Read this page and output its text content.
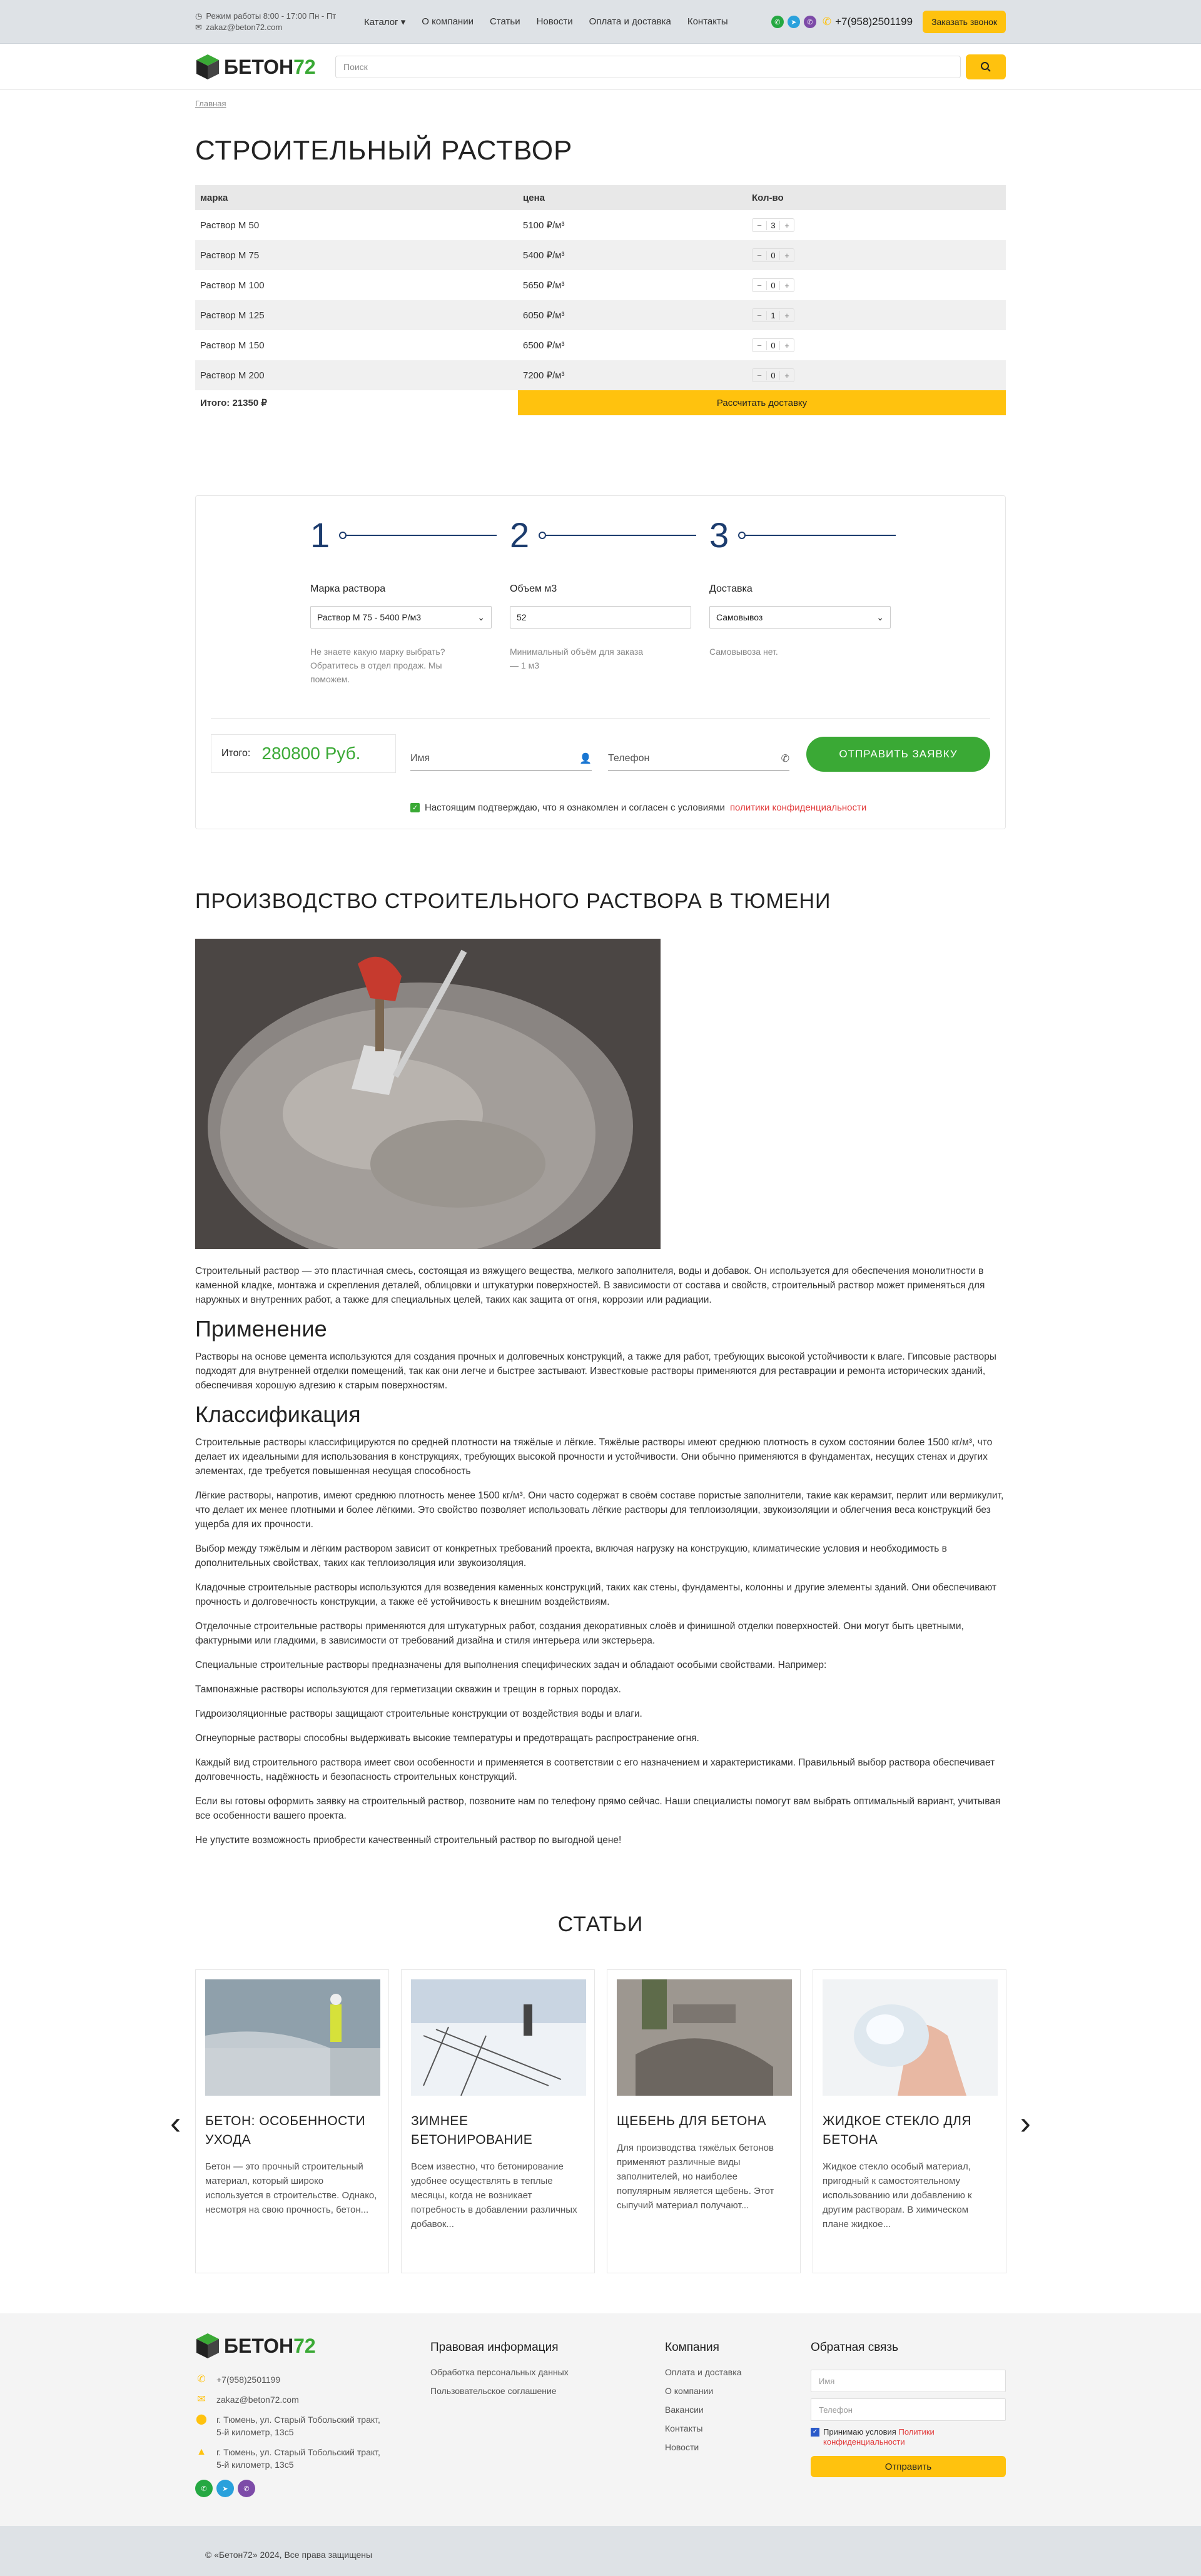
◷ Режим работы 8:00 - 17:00 Пн - Пт
✉ zakaz@beton72.com	Каталог ▾ О компании Статьи Новости Оплата и доставка Контакты	✆	➤	✆ ✆ +7(958)2501199	Заказать звонок
БЕТОН 72	Поиск
Главная
СТРОИТЕЛЬНЫЙ РАСТВОР
марка	цена	Кол-во
Раствор М 50	5100 ₽/м³	− 3 +

Раствор М 75	5400 ₽/м³	− 0 +

Раствор М 100	5650 ₽/м³	− 0 +

Раствор М 125	6050 ₽/м³	− 1 +

Раствор М 150	6500 ₽/м³	− 0 +

Раствор М 200	7200 ₽/м³	− 0 +
Итого: 21350 ₽	Рассчитать доставку
1	2	3
Марка раствора
Раствор М 75 - 5400 Р/м3	⌄
Не знаете какую марку выбрать? Обратитесь в отдел продаж. Мы поможем.
Объем м3
52
Минимальный объём для заказа — 1 м3
Доставка
Самовывоз	⌄
Самовывоза нет.
Итого: 280800 Руб.	Имя	👤 Телефон	✆	ОТПРАВИТЬ ЗАЯВКУ
✓ Настоящим подтверждаю, что я ознакомлен и согласен с условиями политики конфиденциальности
ПРОИЗВОДСТВО СТРОИТЕЛЬНОГО РАСТВОРА В ТЮМЕНИ

Строительный раствор — это пластичная смесь, состоящая из вяжущего вещества, мелкого заполнителя, воды и добавок. Он используется для обеспечения монолитности в каменной кладке, монтажа и скрепления деталей, облицовки и штукатурки поверхностей. В зависимости от состава и свойств, строительный раствор может применяться для наружных и внутренних работ, а также для специальных целей, таких как защита от огня, коррозии или радиации.

Применение

Растворы на основе цемента используются для создания прочных и долговечных конструкций, а также для работ, требующих высокой устойчивости к влаге. Гипсовые растворы подходят для внутренней отделки помещений, так как они легче и быстрее застывают. Известковые растворы применяются для реставрации и ремонта исторических зданий, обеспечивая хорошую адгезию к старым поверхностям.

Классификация

Строительные растворы классифицируются по средней плотности на тяжёлые и лёгкие. Тяжёлые растворы имеют среднюю плотность в сухом состоянии более 1500 кг/м³, что делает их идеальными для использования в конструкциях, требующих высокой прочности и устойчивости. Они обычно применяются в фундаментах, несущих стенах и других элементах, где требуется повышенная несущая способность

Лёгкие растворы, напротив, имеют среднюю плотность менее 1500 кг/м³. Они часто содержат в своём составе пористые заполнители, такие как керамзит, перлит или вермикулит, что делает их менее плотными и более лёгкими. Это свойство позволяет использовать лёгкие растворы для теплоизоляции, звукоизоляции и облегчения веса конструкций без ущерба для их прочности.

Выбор между тяжёлым и лёгким раствором зависит от конкретных требований проекта, включая нагрузку на конструкцию, климатические условия и необходимость в дополнительных свойствах, таких как теплоизоляция или звукоизоляция.

Кладочные строительные растворы используются для возведения каменных конструкций, таких как стены, фундаменты, колонны и другие элементы зданий. Они обеспечивают прочность и долговечность конструкции, а также её устойчивость к внешним воздействиям.

Отделочные строительные растворы применяются для штукатурных работ, создания декоративных слоёв и финишной отделки поверхностей. Они могут быть цветными, фактурными или гладкими, в зависимости от требований дизайна и стиля интерьера или экстерьера.

Специальные строительные растворы предназначены для выполнения специфических задач и обладают особыми свойствами. Например:

Тампонажные растворы используются для герметизации скважин и трещин в горных породах.

Гидроизоляционные растворы защищают строительные конструкции от воздействия воды и влаги.

Огнеупорные растворы способны выдерживать высокие температуры и предотвращать распространение огня.

Каждый вид строительного раствора имеет свои особенности и применяется в соответствии с его назначением и характеристиками. Правильный выбор раствора обеспечивает долговечность, надёжность и безопасность строительных конструкций.

Если вы готовы оформить заявку на строительный раствор, позвоните нам по телефону прямо сейчас. Наши специалисты помогут вам выбрать оптимальный вариант, учитывая все особенности вашего проекта.

Не упустите возможность приобрести качественный строительный раствор по выгодной цене!

СТАТЬИ
‹ БЕТОН: ОСОБЕННОСТИ УХОДА
Бетон — это прочный строительный материал, который широко используется в строительстве. Однако, несмотря на свою прочность, бетон...
ЗИМНЕЕ БЕТОНИРОВАНИЕ
Всем известно, что бетонирование удобнее осуществлять в теплые месяцы, когда не возникает потребность в добавлении различных добавок...
ЩЕБЕНЬ ДЛЯ БЕТОНА
Для производства тяжёлых бетонов применяют различные виды заполнителей, но наиболее популярным является щебень. Этот сыпучий материал получают...
ЖИДКОЕ СТЕКЛО ДЛЯ БЕТОНА
Жидкое стекло особый материал, пригодный к самостоятельному использованию или добавлению к другим растворам. В химическом плане жидкое...
›
БЕТОН 72
✆ +7(958)2501199
✉ zakaz@beton72.com
⬤ г. Тюмень, ул. Старый Тобольский тракт, 5-й километр, 13с5
▲ г. Тюмень, ул. Старый Тобольский тракт, 5-й километр, 13с5
✆	➤	✆
Правовая информация
Обработка персональных данных
Пользовательское соглашение
Компания
Оплата и доставка
О компании
Вакансии
Контакты
Новости
Обратная связь
Имя
Телефон
✓ Принимаю условия Политики конфиденциальности
Отправить
© «Бетон72» 2024, Все права защищены
